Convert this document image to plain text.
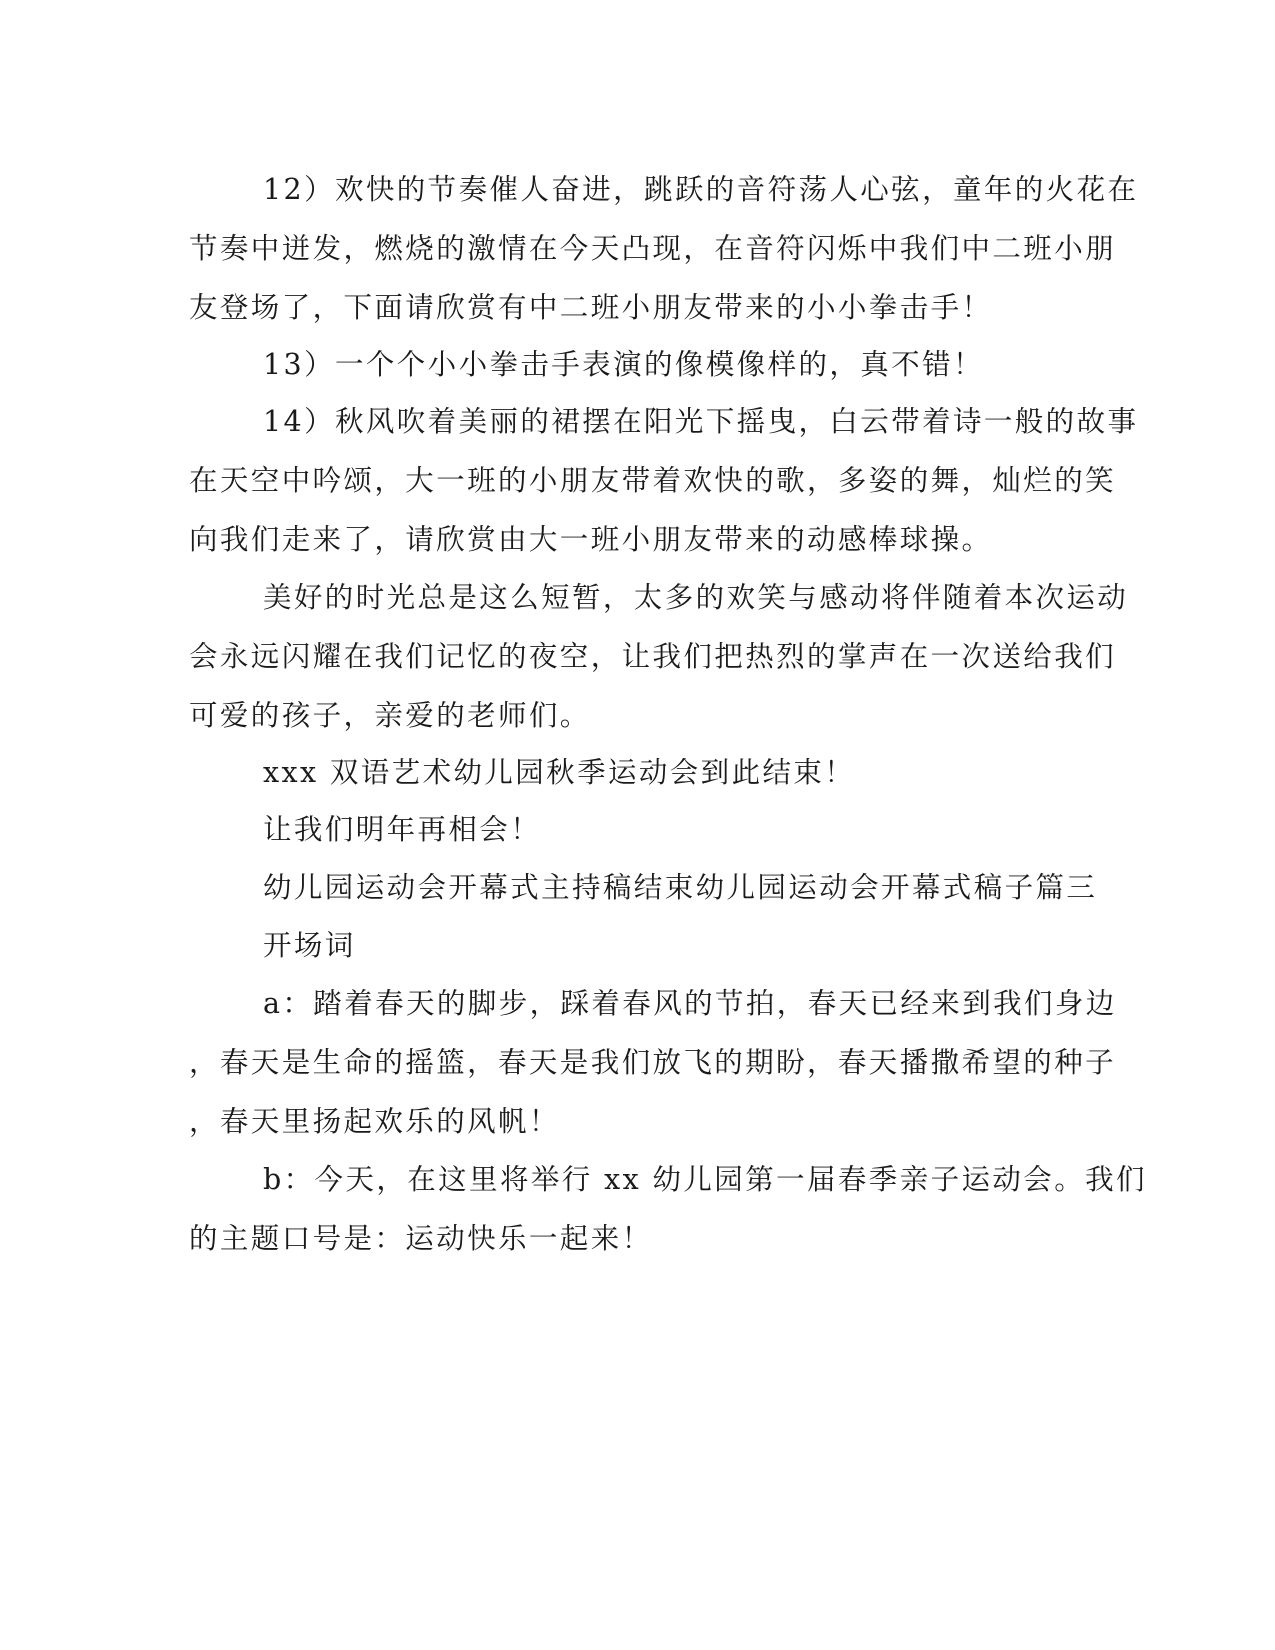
12）欢快的节奏催人奋进，跳跃的音符荡人心弦，童年的火花在
节奏中迸发，燃烧的激情在今天凸现，在音符闪烁中我们中二班小朋
友登场了，下面请欣赏有中二班小朋友带来的小小拳击手！
13）一个个小小拳击手表演的像模像样的，真不错！
14）秋风吹着美丽的裙摆在阳光下摇曳，白云带着诗一般的故事
在天空中吟颂，大一班的小朋友带着欢快的歌，多姿的舞，灿烂的笑
向我们走来了，请欣赏由大一班小朋友带来的动感棒球操。
美好的时光总是这么短暂，太多的欢笑与感动将伴随着本次运动
会永远闪耀在我们记忆的夜空，让我们把热烈的掌声在一次送给我们
可爱的孩子，亲爱的老师们。
xxx 双语艺术幼儿园秋季运动会到此结束！
让我们明年再相会！
幼儿园运动会开幕式主持稿结束幼儿园运动会开幕式稿子篇三
开场词
a：踏着春天的脚步，踩着春风的节拍，春天已经来到我们身边
，春天是生命的摇篮，春天是我们放飞的期盼，春天播撒希望的种子
，春天里扬起欢乐的风帆！
b：今天，在这里将举行 xx 幼儿园第一届春季亲子运动会。我们
的主题口号是：运动快乐一起来！
